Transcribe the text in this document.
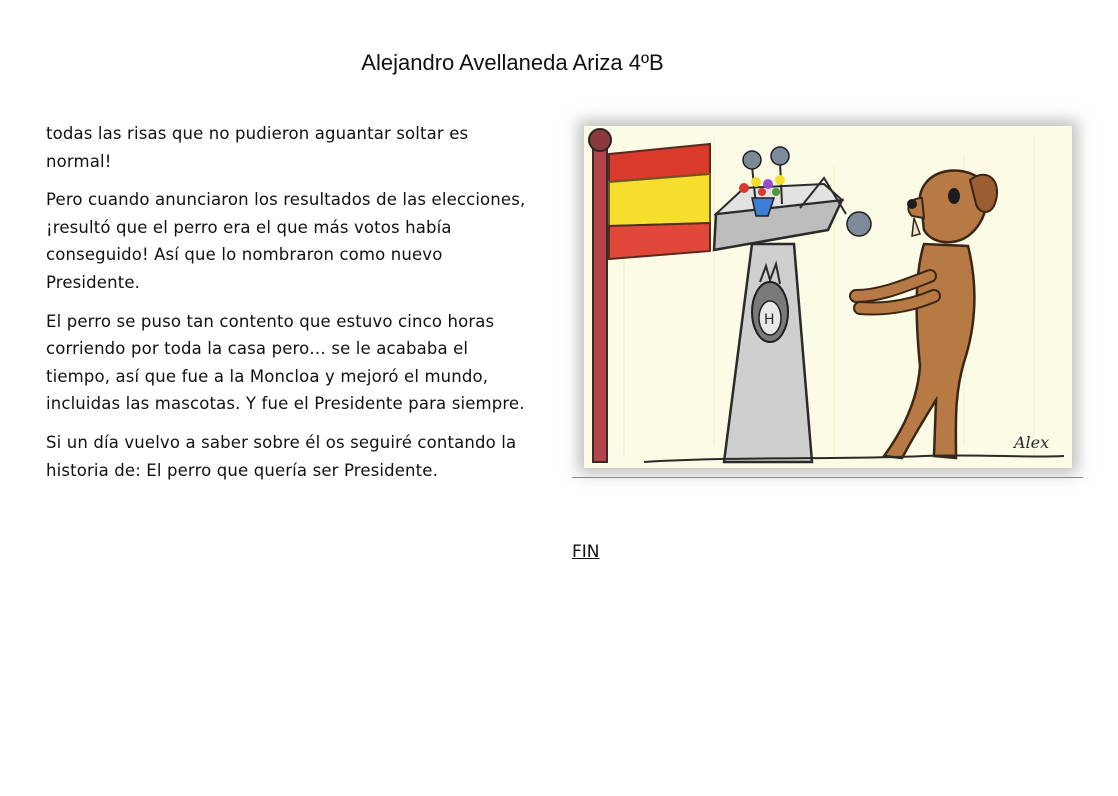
Alejandro Avellaneda Ariza 4ºB

todas las risas que no pudieron aguantar soltar es normal!

Pero cuando anunciaron los resultados de las elecciones, ¡resultó que el perro era el que más votos había conseguido! Así que lo nombraron como nuevo Presidente.

El perro se puso tan contento que estuvo cinco horas corriendo por toda la casa pero… se le acababa el tiempo, así que fue a la Moncloa y mejoró el mundo, incluidas las mascotas. Y fue el Presidente para siempre.

Si un día vuelvo a saber sobre él os seguiré contando la historia de: El perro que quería ser Presidente.

H
Alex
FIN
